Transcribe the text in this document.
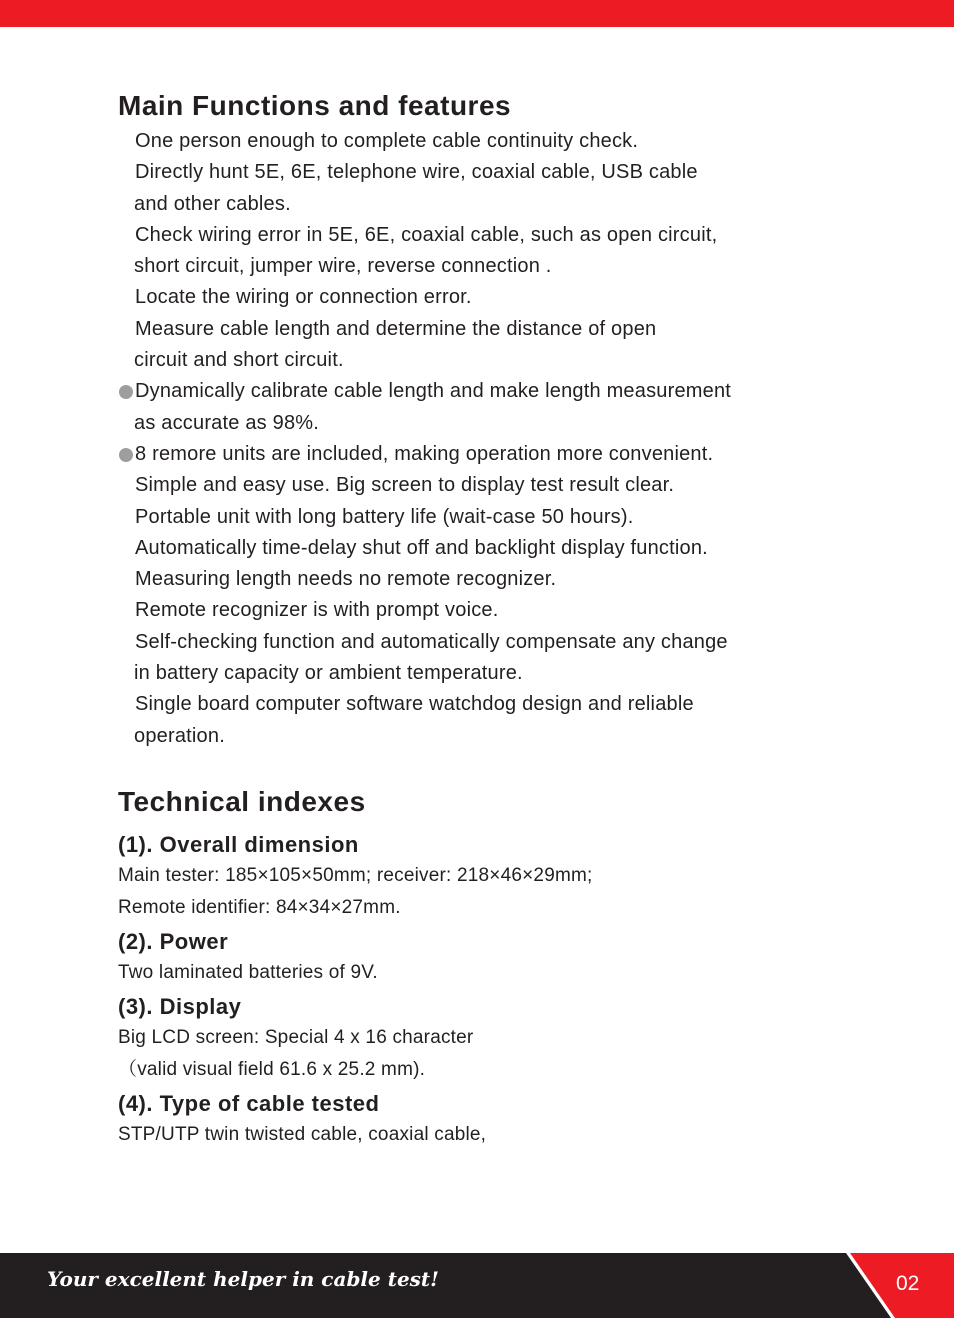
Main Functions and features
One person enough to complete cable continuity check.
Directly hunt 5E, 6E, telephone wire, coaxial cable, USB cable
and other cables.
Check wiring error in 5E, 6E, coaxial cable, such as open circuit,
short circuit, jumper wire, reverse connection .
Locate the wiring or connection error.
Measure cable length and determine the distance of open
circuit and short circuit.
Dynamically calibrate cable length and make length measurement
as accurate as 98%.
8 remore units are included, making operation more convenient.
Simple and easy use. Big screen to display test result clear.
Portable unit with long battery life (wait-case 50 hours).
Automatically time-delay shut off and backlight display function.
Measuring length needs no remote recognizer.
Remote recognizer is with prompt voice.
Self-checking function and automatically compensate any change
in battery capacity or ambient temperature.
Single board computer software watchdog design and reliable
operation.
Technical indexes
(1). Overall dimension
Main tester: 185×105×50mm; receiver: 218×46×29mm;
Remote identifier: 84×34×27mm.
(2). Power
Two laminated batteries of 9V.
(3). Display
Big LCD screen: Special 4 x 16 character
（valid visual field 61.6 x 25.2 mm).
(4). Type of cable tested
STP/UTP twin twisted cable, coaxial cable,
Your excellent helper in cable test!	02
